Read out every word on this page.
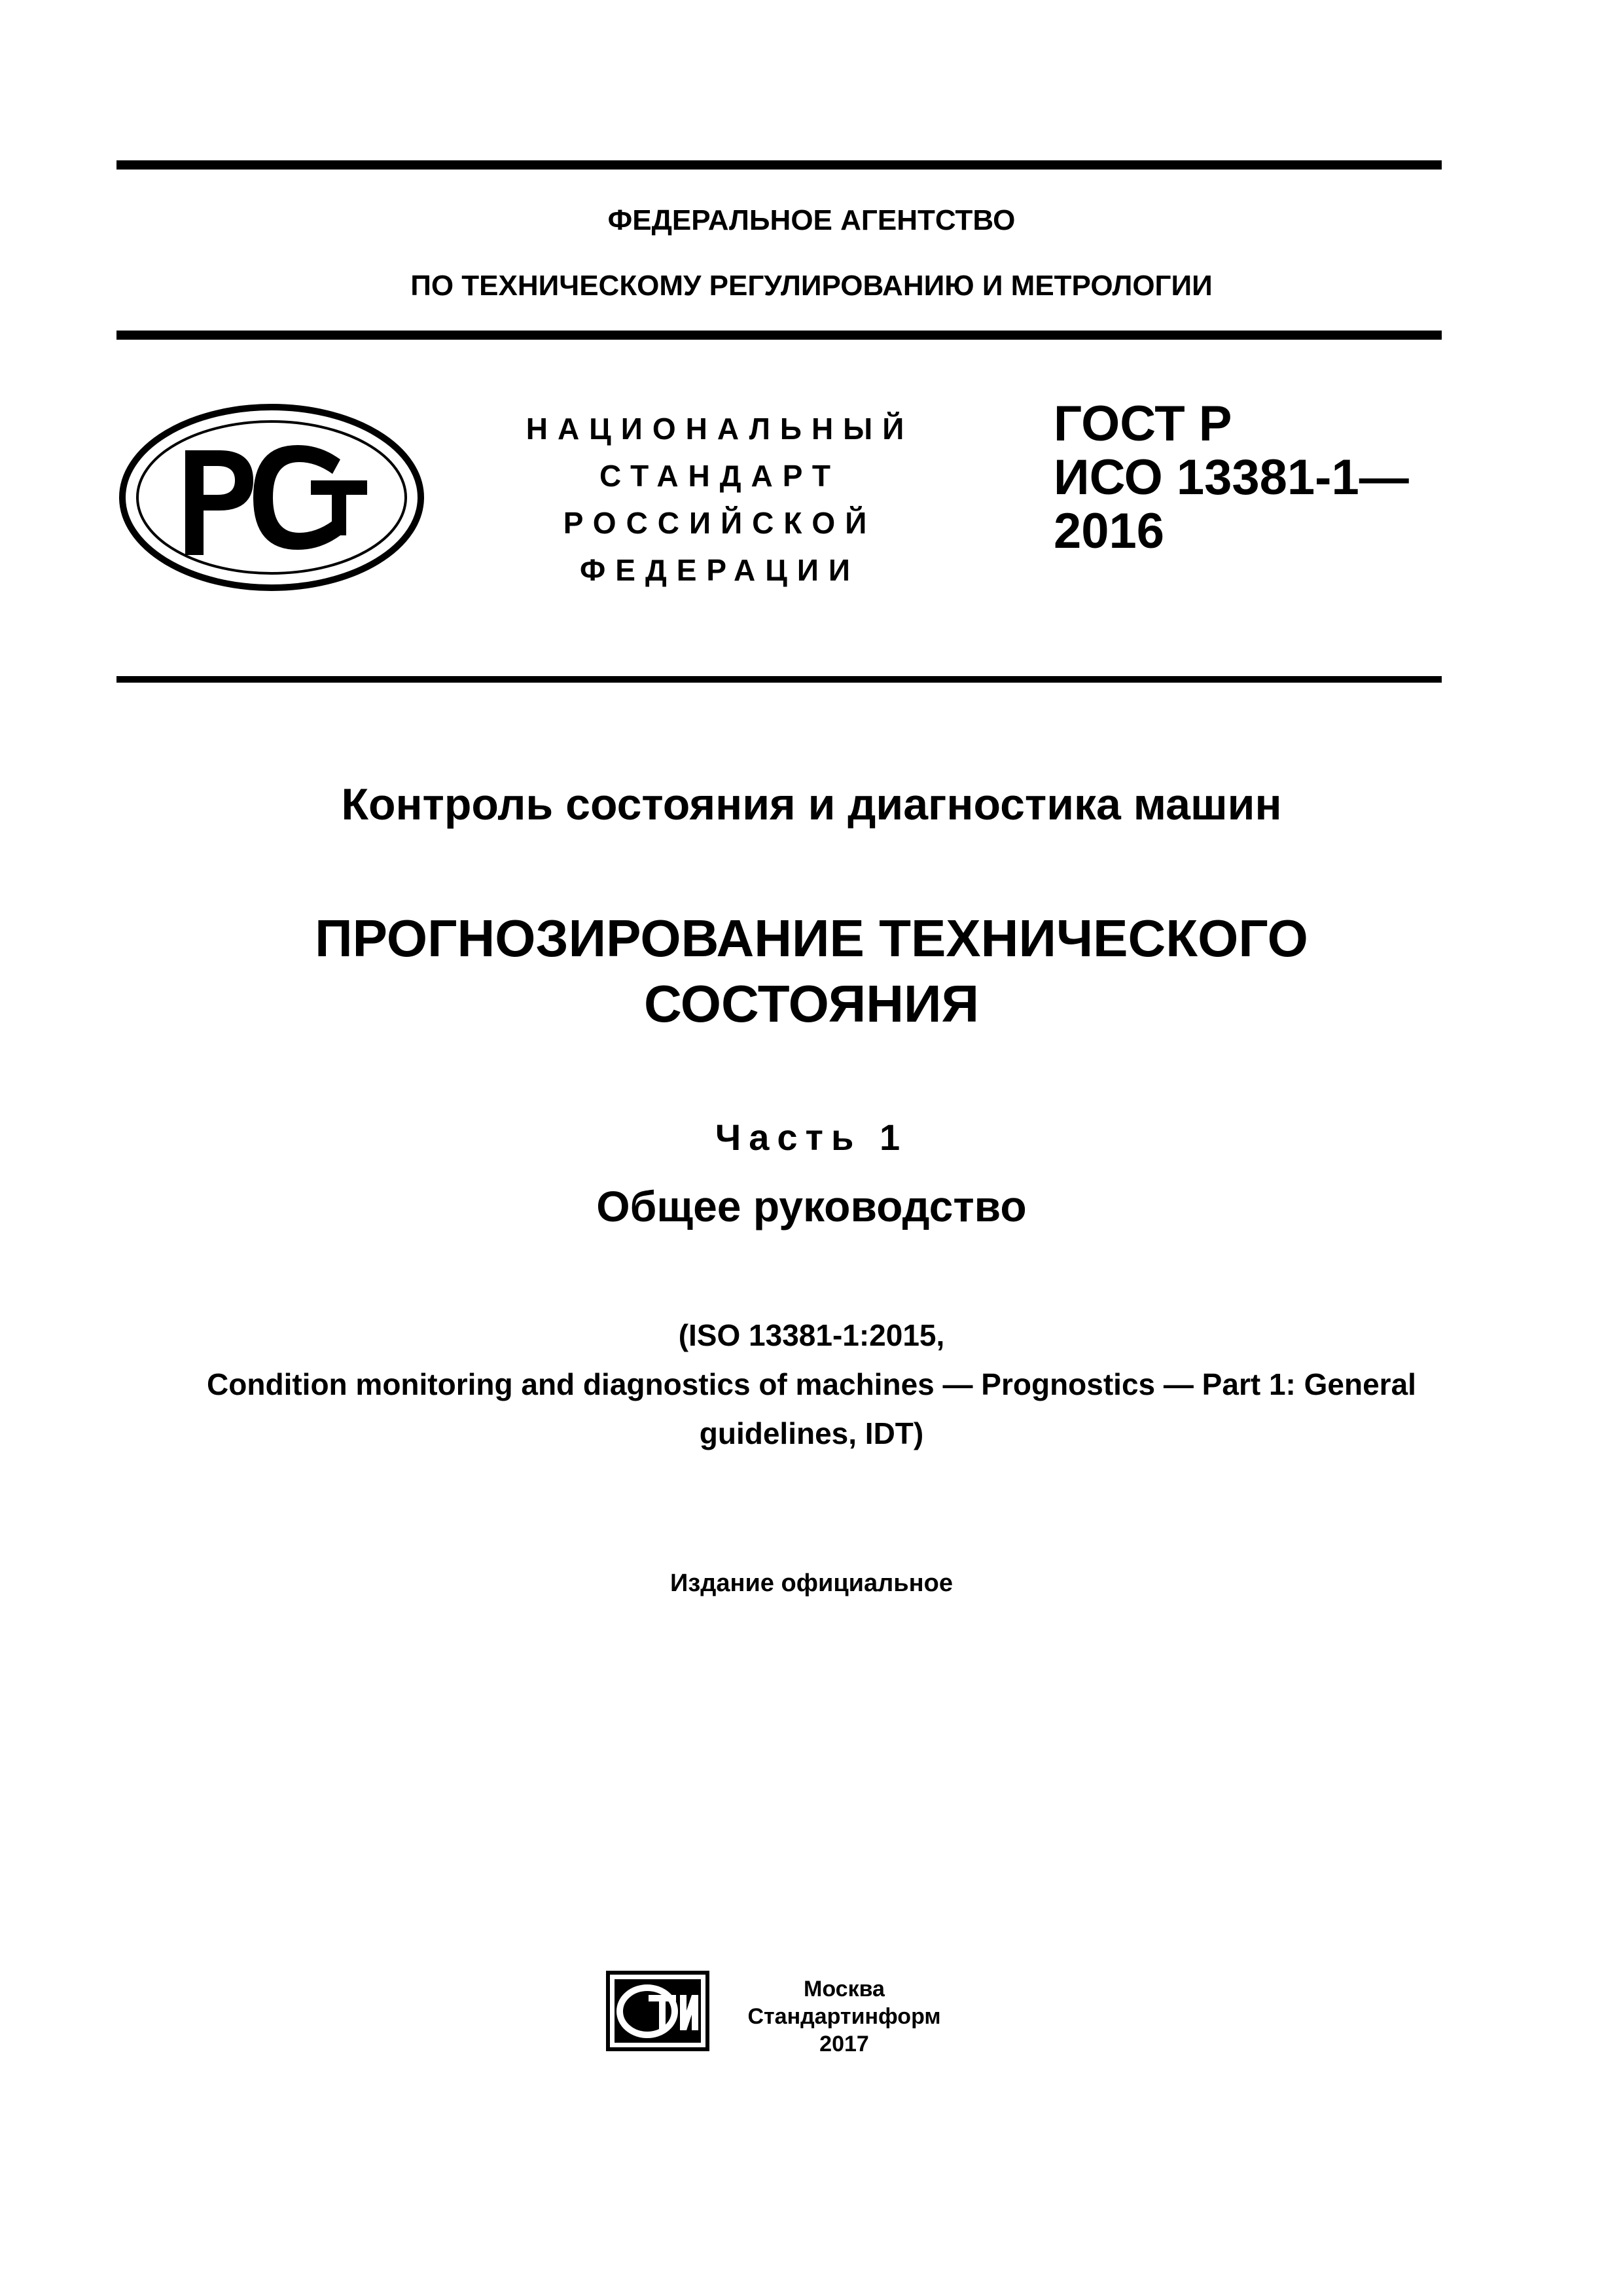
ФЕДЕРАЛЬНОЕ АГЕНТСТВО
ПО ТЕХНИЧЕСКОМУ РЕГУЛИРОВАНИЮ И МЕТРОЛОГИИ
НАЦИОНАЛЬНЫЙ
СТАНДАРТ
РОССИЙСКОЙ
ФЕДЕРАЦИИ
ГОСТ Р
ИСО 13381-1—
2016
Контроль состояния и диагностика машин
ПРОГНОЗИРОВАНИЕ ТЕХНИЧЕСКОГО
СОСТОЯНИЯ
Часть 1
Общее руководство
(ISO 13381-1:2015,
Condition monitoring and diagnostics of machines — Prognostics — Part 1: General
guidelines, IDT)
Издание официальное
Москва
Стандартинформ
2017
